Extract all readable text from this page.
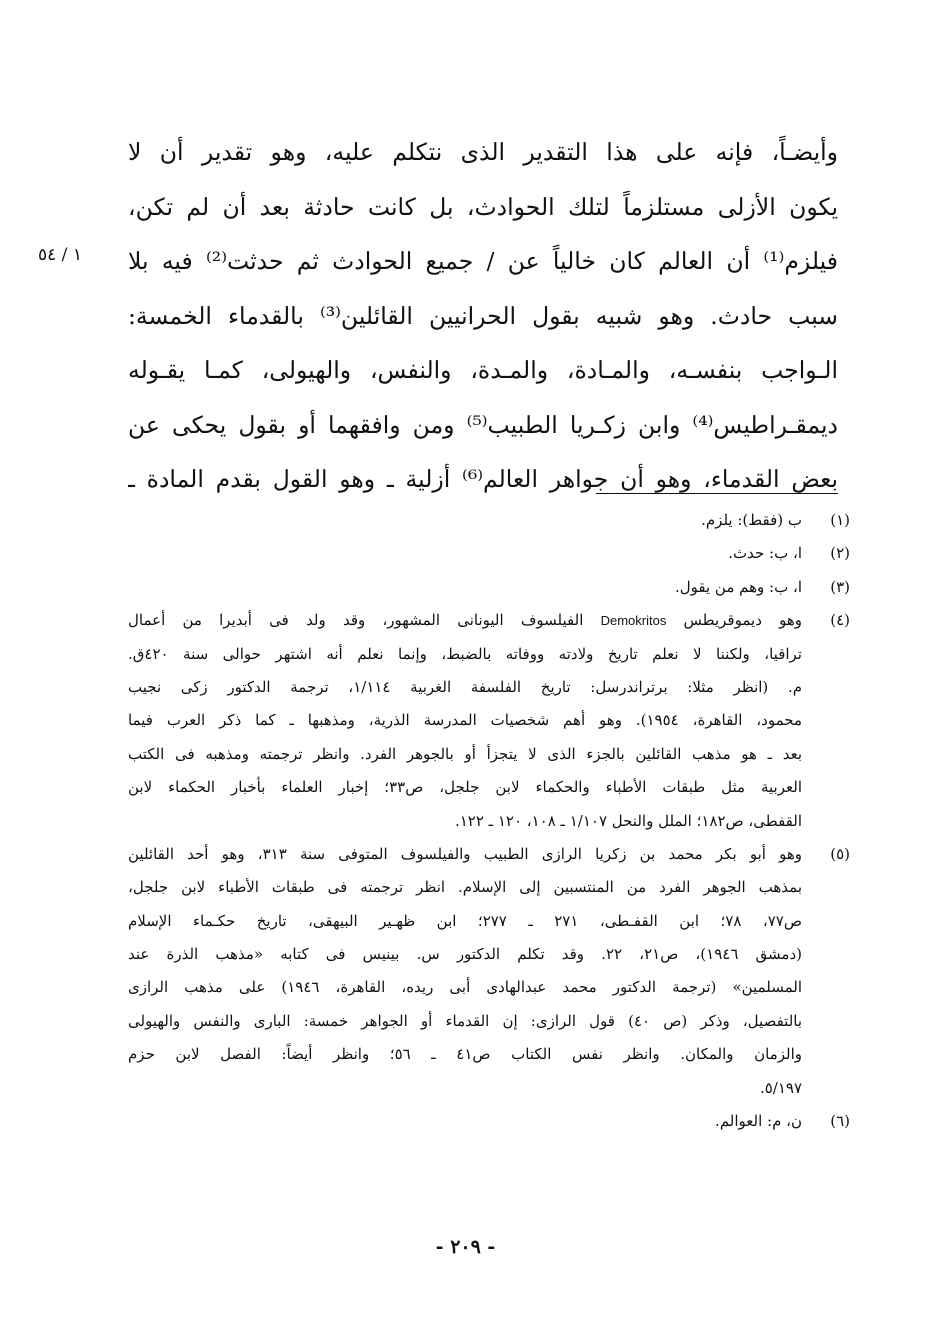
١ / ٥٤
وأيضـاً، فإنه على هذا التقدير الذى نتكلم عليه، وهو تقدير أن لا
يكون الأزلى مستلزماً لتلك الحوادث، بل كانت حادثة بعد أن لم تكن،
فيلزم⁽¹⁾ أن العالم كان خالياً عن / جميع الحوادث ثم حدثت⁽²⁾ فيه بلا
سبب حادث. وهو شبيه بقول الحرانيين القائلين⁽³⁾ بالقدماء الخمسة:
الـواجب بنفسـه، والمـادة، والمـدة، والنفس، والهيولى، كمـا يقـوله
ديمقـراطيس⁽⁴⁾ وابن زكـريا الطبيب⁽⁵⁾ ومن وافقهما أو بقول يحكى عن
بعض القدماء، وهو أن جواهر العالم⁽⁶⁾ أزلية ـ وهو القول بقدم المادة ـ
(١)
ب (فقط): يلزم.
(٢)
ا، ب: حدث.
(٣)
ا، ب: وهم من يقول.
(٤)
وهو ديموقريطس Demokritos الفيلسوف اليونانى المشهور، وقد ولد فى أبديرا من أعمال
تراقيا، ولكننا لا نعلم تاريخ ولادته ووفاته بالضبط، وإنما نعلم أنه اشتهر حوالى سنة ٤٢٠ق.
م. (انظر مثلا: برتراندرسل: تاريخ الفلسفة الغربية ١/١١٤، ترجمة الدكتور زكى نجيب
محمود، القاهرة، ١٩٥٤). وهو أهم شخصيات المدرسة الذرية، ومذهبها ـ كما ذكر العرب فيما
بعد ـ هو مذهب القائلين بالجزء الذى لا يتجزأ أو بالجوهر الفرد. وانظر ترجمته ومذهبه فى الكتب
العربية مثل طبقات الأطباء والحكماء لابن جلجل، ص٣٣؛ إخبار العلماء بأخبار الحكماء لابن
القفطى، ص١٨٢؛ الملل والنحل ١/١٠٧ ـ ١٠٨، ١٢٠ ـ ١٢٢.
(٥)
وهو أبو بكر محمد بن زكريا الرازى الطبيب والفيلسوف المتوفى سنة ٣١٣، وهو أحد القائلين
بمذهب الجوهر الفرد من المنتسبين إلى الإسلام. انظر ترجمته فى طبقات الأطباء لابن جلجل،
ص٧٧، ٧٨؛ ابن القفـطى، ٢٧١ ـ ٢٧٧؛ ابن ظهـير البيهقى، تاريخ حكـماء الإسلام
(دمشق ١٩٤٦)، ص٢١، ٢٢. وقد تكلم الدكتور س. بينيس فى كتابه «مذهب الذرة عند
المسلمين» (ترجمة الدكتور محمد عبدالهادى أبى ريده، القاهرة، ١٩٤٦) على مذهب الرازى
بالتفصيل، وذكر (ص ٤٠) قول الرازى: إن القدماء أو الجواهر خمسة: البارى والنفس والهيولى
والزمان والمكان. وانظر نفس الكتاب ص٤١ ـ ٥٦؛ وانظر أيضاً: الفصل لابن حزم
٥/١٩٧.
(٦)
ن، م: العوالم.
- ٢٠٩ -
